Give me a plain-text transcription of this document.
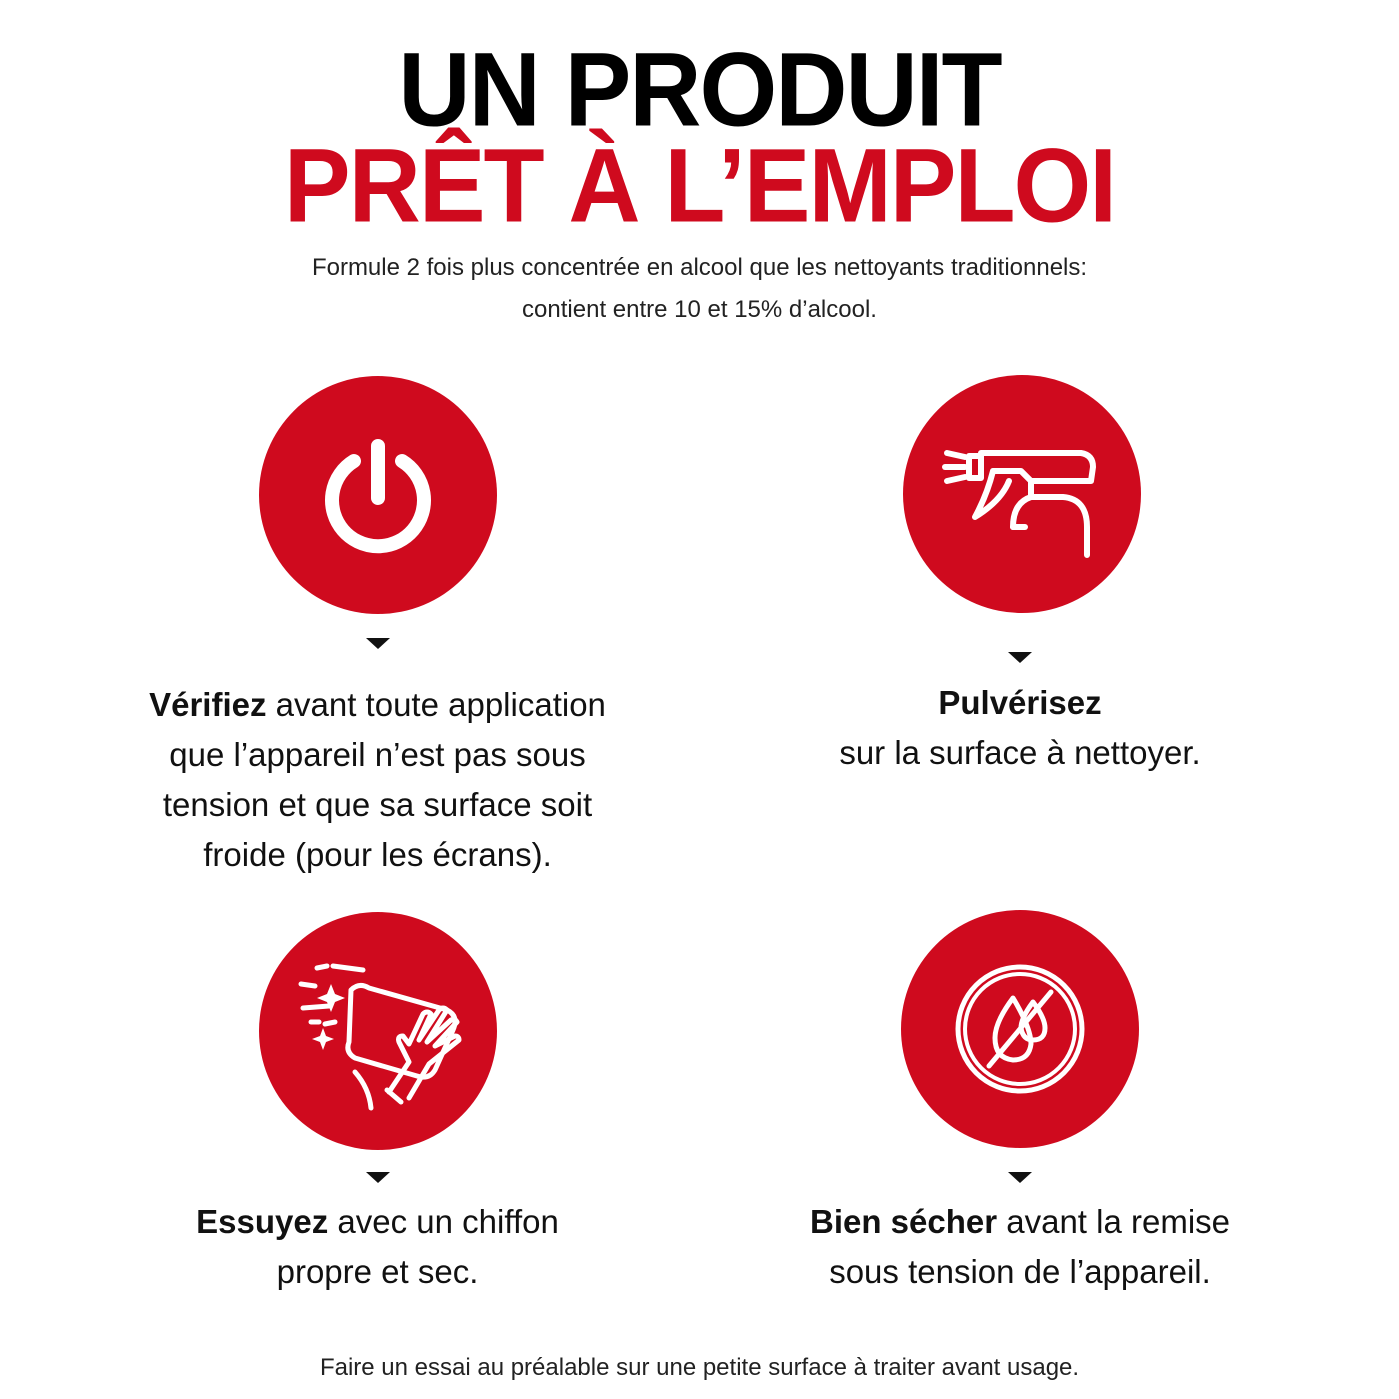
UN PRODUIT
PRÊT À L’EMPLOI
Formule 2 fois plus concentrée en alcool que les nettoyants traditionnels:
contient entre 10 et 15% d’alcool.
Vérifiez avant toute application
que l’appareil n’est pas sous
tension et que sa surface soit
froide (pour les écrans).
Pulvérisez
sur la surface à nettoyer.
Essuyez avec un chiffon
propre et sec.
Bien sécher avant la remise
sous tension de l’appareil.
Faire un essai au préalable sur une petite surface à traiter avant usage.
